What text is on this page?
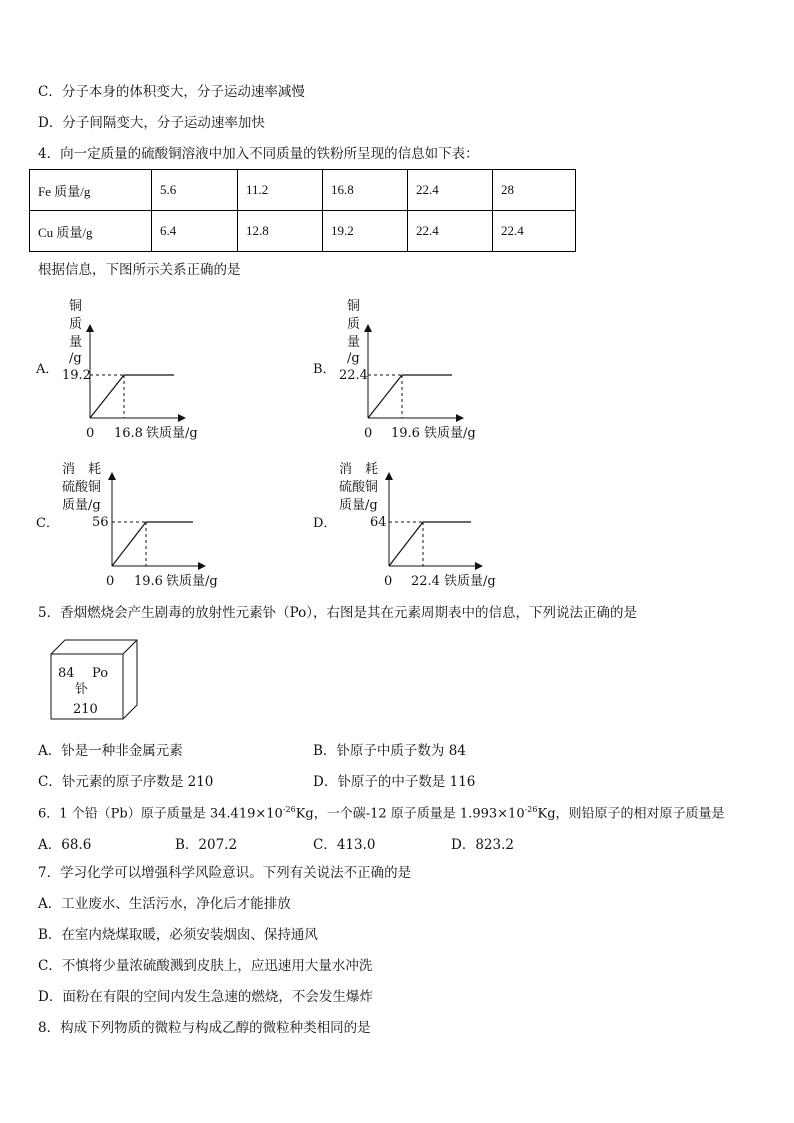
C．分子本身的体积变大，分子运动速率减慢
D．分子间隔变大，分子运动速率加快
4．向一定质量的硫酸铜溶液中加入不同质量的铁粉所呈现的信息如下表：
Fe 质量/g	5.6	11.2	16.8	22.4	28
Cu 质量/g	6.4	12.8	19.2	22.4	22.4
根据信息，下图所示关系正确的是
A．
铜
质
量
/g
19.2
0 16.8 铁质量/g
B．
铜
质
量
/g
22.4
0 19.6 铁质量/g
C．
消　耗
硫酸铜
质量/g
56
0 19.6 铁质量/g
D．
消　耗
硫酸铜
质量/g
64
0 22.4 铁质量/g
84 Po
钋
210
5．香烟燃烧会产生剧毒的放射性元素钋（Po），右图是其在元素周期表中的信息，下列说法正确的是
A．钋是一种非金属元素	B．钋原子中质子数为 84
C．钋元素的原子序数是 210	D．钋原子的中子数是 116
6．1 个铅（Pb）原子质量是 $34.419\times 10^{-26}Kg$，一个碳-12 原子质量是 $1.993\times 10^{-26}Kg$，则铅原子的相对原子质量是
A．68.6	B．207.2	C．413.0	D．823.2
7．学习化学可以增强科学风险意识。下列有关说法不正确的是
A．工业废水、生活污水，净化后才能排放
B．在室内烧煤取暖，必须安装烟囱、保持通风
C．不慎将少量浓硫酸溅到皮肤上，应迅速用大量水冲洗
D．面粉在有限的空间内发生急速的燃烧，不会发生爆炸
8．构成下列物质的微粒与构成乙醇的微粒种类相同的是
